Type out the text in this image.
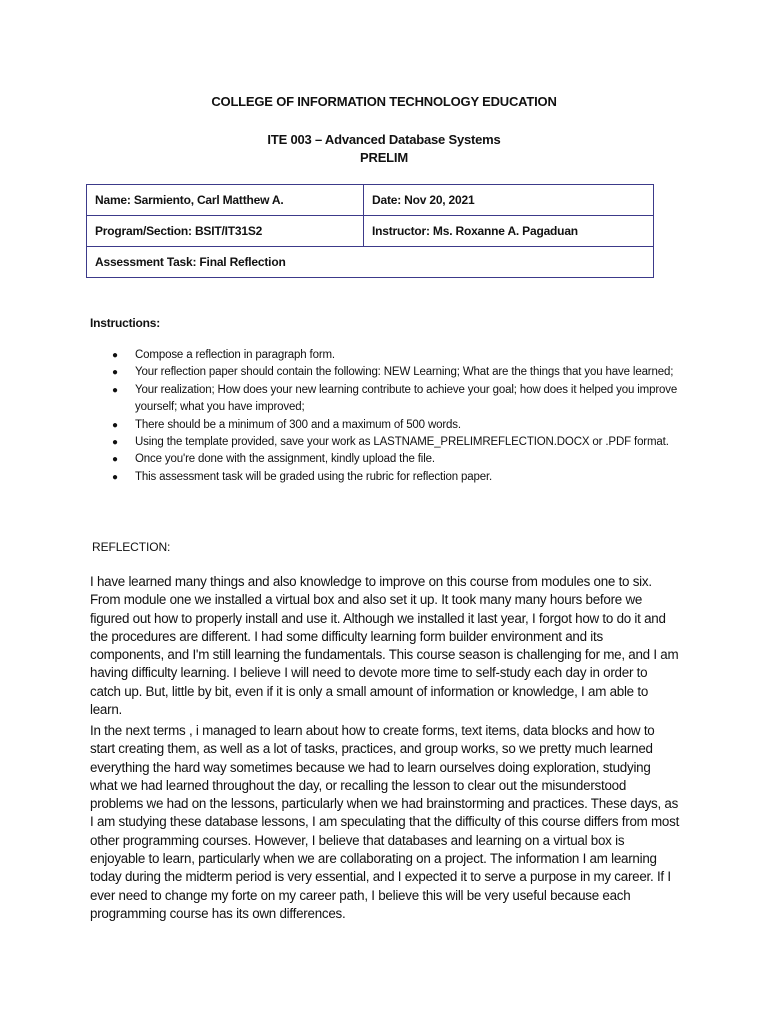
COLLEGE OF INFORMATION TECHNOLOGY EDUCATION
ITE 003 – Advanced Database Systems
PRELIM
Name: Sarmiento, Carl Matthew A.	Date: Nov 20, 2021
Program/Section: BSIT/IT31S2	Instructor: Ms. Roxanne A. Pagaduan
Assessment Task: Final Reflection	
Instructions:
● Compose a reflection in paragraph form.
● Your reflection paper should contain the following: NEW Learning; What are the things that you have learned;
● Your realization; How does your new learning contribute to achieve your goal; how does it helped you improve yourself; what you have improved;
● There should be a minimum of 300 and a maximum of 500 words.
● Using the template provided, save your work as LASTNAME_PRELIMREFLECTION.DOCX or .PDF format.
● Once you're done with the assignment, kindly upload the file.
● This assessment task will be graded using the rubric for reflection paper.
REFLECTION:

I have learned many things and also knowledge to improve on this course from modules one to six. From module one we installed a virtual box and also set it up. It took many many hours before we figured out how to properly install and use it. Although we installed it last year, I forgot how to do it and the procedures are different. I had some difficulty learning form builder environment and its components, and I'm still learning the fundamentals. This course season is challenging for me, and I am having difficulty learning. I believe I will need to devote more time to self-study each day in order to catch up. But, little by bit, even if it is only a small amount of information or knowledge, I am able to learn.

In the next terms , i managed to learn about how to create forms, text items, data blocks and how to start creating them, as well as a lot of tasks, practices, and group works, so we pretty much learned everything the hard way sometimes because we had to learn ourselves doing exploration, studying what we had learned throughout the day, or recalling the lesson to clear out the misunderstood problems we had on the lessons, particularly when we had brainstorming and practices. These days, as I am studying these database lessons, I am speculating that the difficulty of this course differs from most other programming courses. However, I believe that databases and learning on a virtual box is enjoyable to learn, particularly when we are collaborating on a project. The information I am learning today during the midterm period is very essential, and I expected it to serve a purpose in my career. If I ever need to change my forte on my career path, I believe this will be very useful because each programming course has its own differences.
